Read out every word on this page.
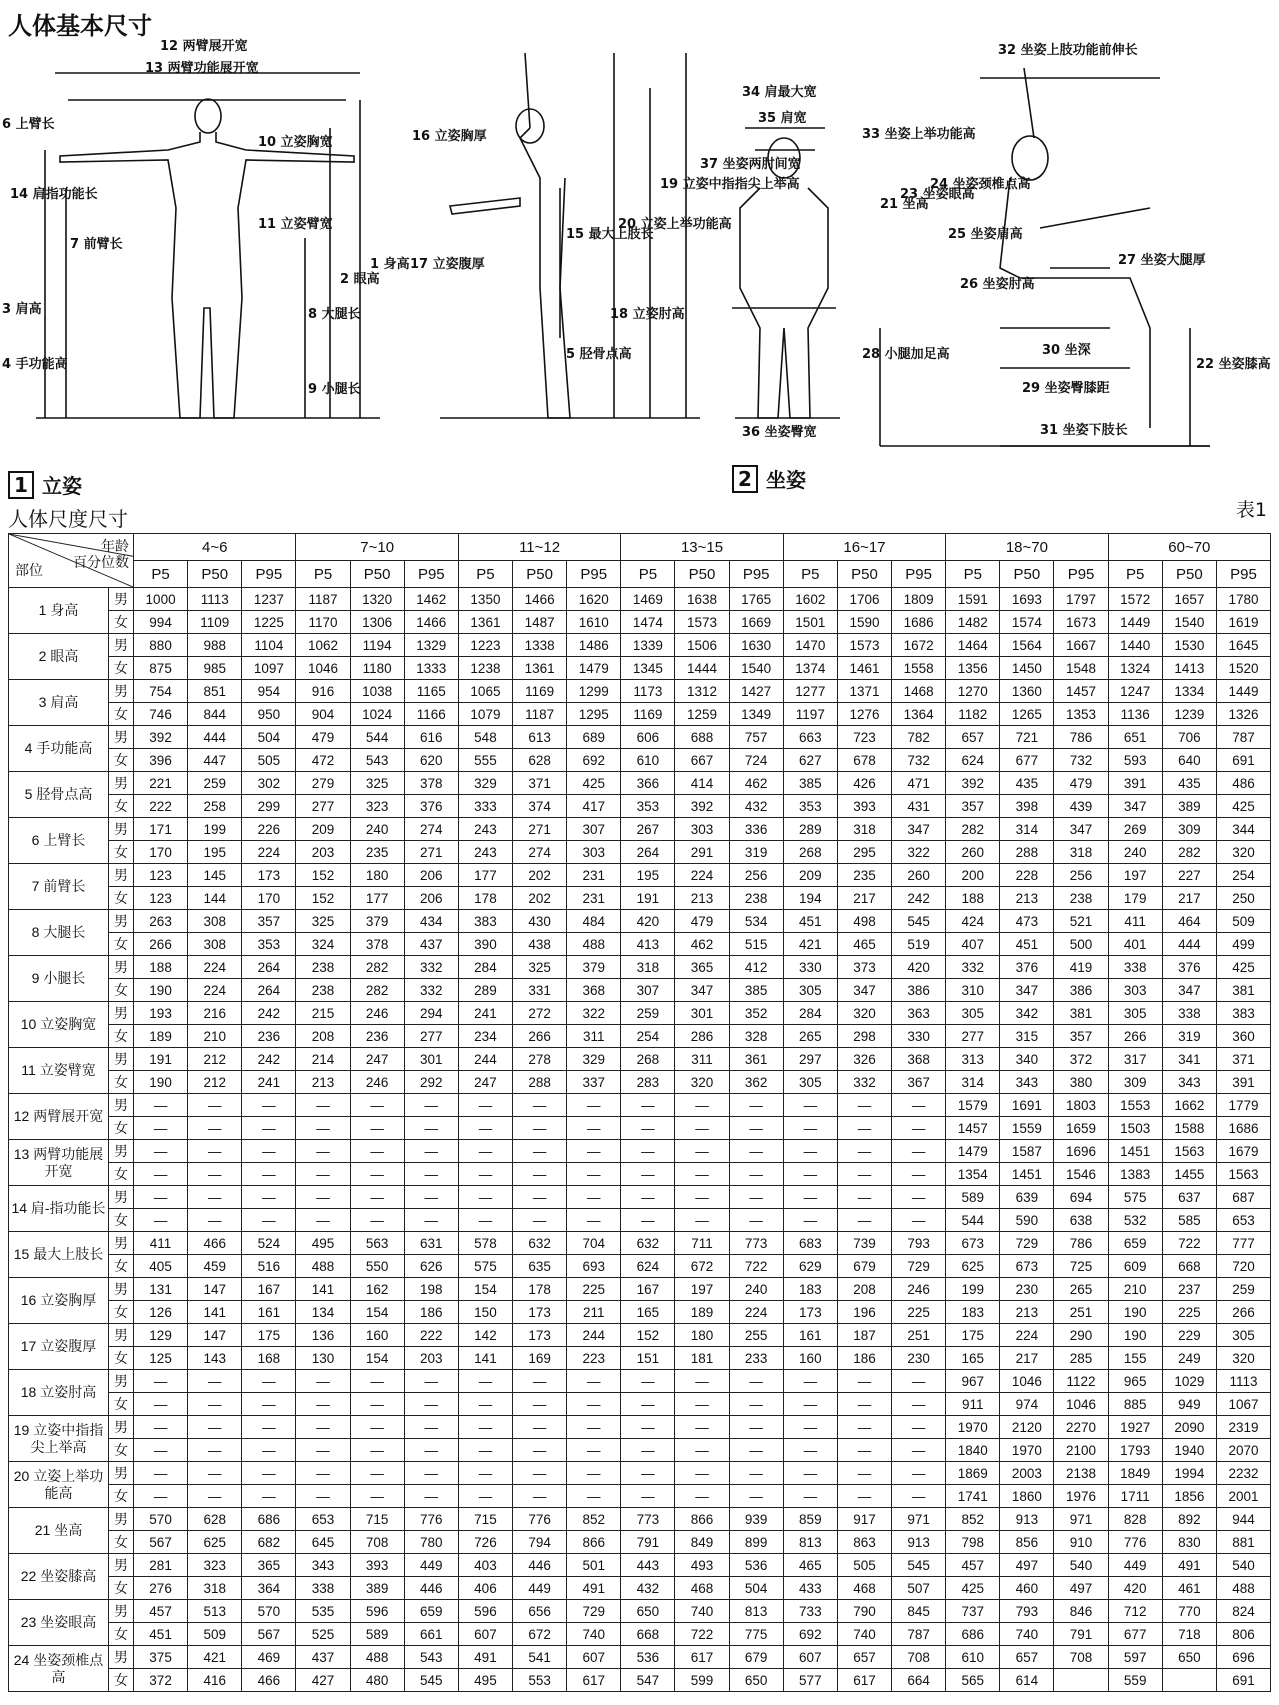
人体基本尺寸
12 两臂展开宽
13 两臂功能展开宽
6 上臂长
10 立姿胸宽
11 立姿臂宽
14 肩指功能长
7 前臂长
3 肩高
4 手功能高
2 眼高
1 身高
8 大腿长
9 小腿长
16 立姿胸厚
17 立姿腹厚
15 最大上肢长
5 胫骨点高
18 立姿肘高
20 立姿上举功能高
19 立姿中指指尖上举高
34 肩最大宽
35 肩宽
37 坐姿两肘间宽
36 坐姿臀宽
32 坐姿上肢功能前伸长
33 坐姿上举功能高
21 坐高
23 坐姿眼高
24 坐姿颈椎点高
25 坐姿肩高
26 坐姿肘高
27 坐姿大腿厚
30 坐深
29 坐姿臀膝距
31 坐姿下肢长
28 小腿加足高
22 坐姿膝高
1 立姿	2 坐姿
人体尺度尺寸	表1
年龄
百分位数
部位		4~6			7~10			11~12			13~15			16~17			18~70			60~70		
		P5	P50	P95	P5	P50	P95	P5	P50	P95	P5	P50	P95	P5	P50	P95	P5	P50	P95	P5	P50	P95
1 身高	男	1000	1113	1237	1187	1320	1462	1350	1466	1620	1469	1638	1765	1602	1706	1809	1591	1693	1797	1572	1657	1780
	女	994	1109	1225	1170	1306	1466	1361	1487	1610	1474	1573	1669	1501	1590	1686	1482	1574	1673	1449	1540	1619
2 眼高	男	880	988	1104	1062	1194	1329	1223	1338	1486	1339	1506	1630	1470	1573	1672	1464	1564	1667	1440	1530	1645
	女	875	985	1097	1046	1180	1333	1238	1361	1479	1345	1444	1540	1374	1461	1558	1356	1450	1548	1324	1413	1520
3 肩高	男	754	851	954	916	1038	1165	1065	1169	1299	1173	1312	1427	1277	1371	1468	1270	1360	1457	1247	1334	1449
	女	746	844	950	904	1024	1166	1079	1187	1295	1169	1259	1349	1197	1276	1364	1182	1265	1353	1136	1239	1326
4 手功能高	男	392	444	504	479	544	616	548	613	689	606	688	757	663	723	782	657	721	786	651	706	787
	女	396	447	505	472	543	620	555	628	692	610	667	724	627	678	732	624	677	732	593	640	691
5 胫骨点高	男	221	259	302	279	325	378	329	371	425	366	414	462	385	426	471	392	435	479	391	435	486
	女	222	258	299	277	323	376	333	374	417	353	392	432	353	393	431	357	398	439	347	389	425
6 上臂长	男	171	199	226	209	240	274	243	271	307	267	303	336	289	318	347	282	314	347	269	309	344
	女	170	195	224	203	235	271	243	274	303	264	291	319	268	295	322	260	288	318	240	282	320
7 前臂长	男	123	145	173	152	180	206	177	202	231	195	224	256	209	235	260	200	228	256	197	227	254
	女	123	144	170	152	177	206	178	202	231	191	213	238	194	217	242	188	213	238	179	217	250
8 大腿长	男	263	308	357	325	379	434	383	430	484	420	479	534	451	498	545	424	473	521	411	464	509
	女	266	308	353	324	378	437	390	438	488	413	462	515	421	465	519	407	451	500	401	444	499
9 小腿长	男	188	224	264	238	282	332	284	325	379	318	365	412	330	373	420	332	376	419	338	376	425
	女	190	224	264	238	282	332	289	331	368	307	347	385	305	347	386	310	347	386	303	347	381
10 立姿胸宽	男	193	216	242	215	246	294	241	272	322	259	301	352	284	320	363	305	342	381	305	338	383
	女	189	210	236	208	236	277	234	266	311	254	286	328	265	298	330	277	315	357	266	319	360
11 立姿臂宽	男	191	212	242	214	247	301	244	278	329	268	311	361	297	326	368	313	340	372	317	341	371
	女	190	212	241	213	246	292	247	288	337	283	320	362	305	332	367	314	343	380	309	343	391
12 两臂展开宽	男	—	—	—	—	—	—	—	—	—	—	—	—	—	—	—	1579	1691	1803	1553	1662	1779
	女	—	—	—	—	—	—	—	—	—	—	—	—	—	—	—	1457	1559	1659	1503	1588	1686
13 两臂功能展开宽	男	—	—	—	—	—	—	—	—	—	—	—	—	—	—	—	1479	1587	1696	1451	1563	1679
	女	—	—	—	—	—	—	—	—	—	—	—	—	—	—	—	1354	1451	1546	1383	1455	1563
14 肩-指功能长	男	—	—	—	—	—	—	—	—	—	—	—	—	—	—	—	589	639	694	575	637	687
	女	—	—	—	—	—	—	—	—	—	—	—	—	—	—	—	544	590	638	532	585	653
15 最大上肢长	男	411	466	524	495	563	631	578	632	704	632	711	773	683	739	793	673	729	786	659	722	777
	女	405	459	516	488	550	626	575	635	693	624	672	722	629	679	729	625	673	725	609	668	720
16 立姿胸厚	男	131	147	167	141	162	198	154	178	225	167	197	240	183	208	246	199	230	265	210	237	259
	女	126	141	161	134	154	186	150	173	211	165	189	224	173	196	225	183	213	251	190	225	266
17 立姿腹厚	男	129	147	175	136	160	222	142	173	244	152	180	255	161	187	251	175	224	290	190	229	305
	女	125	143	168	130	154	203	141	169	223	151	181	233	160	186	230	165	217	285	155	249	320
18 立姿肘高	男	—	—	—	—	—	—	—	—	—	—	—	—	—	—	—	967	1046	1122	965	1029	1113
	女	—	—	—	—	—	—	—	—	—	—	—	—	—	—	—	911	974	1046	885	949	1067
19 立姿中指指尖上举高	男	—	—	—	—	—	—	—	—	—	—	—	—	—	—	—	1970	2120	2270	1927	2090	2319
	女	—	—	—	—	—	—	—	—	—	—	—	—	—	—	—	1840	1970	2100	1793	1940	2070
20 立姿上举功能高	男	—	—	—	—	—	—	—	—	—	—	—	—	—	—	—	1869	2003	2138	1849	1994	2232
	女	—	—	—	—	—	—	—	—	—	—	—	—	—	—	—	1741	1860	1976	1711	1856	2001
21 坐高	男	570	628	686	653	715	776	715	776	852	773	866	939	859	917	971	852	913	971	828	892	944
	女	567	625	682	645	708	780	726	794	866	791	849	899	813	863	913	798	856	910	776	830	881
22 坐姿膝高	男	281	323	365	343	393	449	403	446	501	443	493	536	465	505	545	457	497	540	449	491	540
	女	276	318	364	338	389	446	406	449	491	432	468	504	433	468	507	425	460	497	420	461	488
23 坐姿眼高	男	457	513	570	535	596	659	596	656	729	650	740	813	733	790	845	737	793	846	712	770	824
	女	451	509	567	525	589	661	607	672	740	668	722	775	692	740	787	686	740	791	677	718	806
24 坐姿颈椎点高	男	375	421	469	437	488	543	491	541	607	536	617	679	607	657	708	610	657	708	597	650	696
	女	372	416	466	427	480	545	495	553	617	547	599	650	577	617	664	565	614		559		691
